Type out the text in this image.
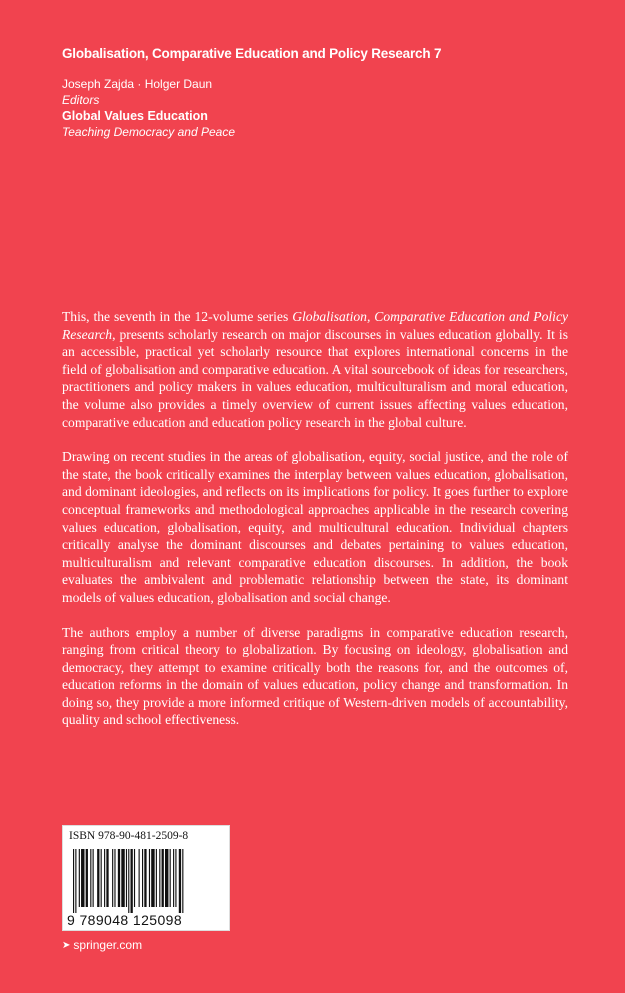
Globalisation, Comparative Education and Policy Research 7
Joseph Zajda · Holger Daun
Editors
Global Values Education
Teaching Democracy and Peace

This, the seventh in the 12-volume series Globalisation, Comparative Education and Policy Research, presents scholarly research on major discourses in values education globally. It is an accessible, practical yet scholarly resource that explores international concerns in the field of globalisation and comparative education. A vital sourcebook of ideas for researchers, practitioners and policy makers in values education, multiculturalism and moral education, the volume also provides a timely overview of current issues affecting values education, comparative education and education policy research in the global culture.

Drawing on recent studies in the areas of globalisation, equity, social justice, and the role of the state, the book critically examines the interplay between values education, globalisation, and dominant ideologies, and reflects on its implications for policy. It goes further to explore conceptual frameworks and methodological approaches applicable in the research covering values education, globalisation, equity, and multicultural education. Individual chapters critically analyse the dominant discourses and debates pertaining to values education, multiculturalism and relevant comparative education discourses. In addition, the book evaluates the ambivalent and problematic relationship between the state, its dominant models of values education, globalisation and social change.

The authors employ a number of diverse paradigms in comparative education research, ranging from critical theory to globalization. By focusing on ideology, globalisation and democracy, they attempt to examine critically both the reasons for, and the outcomes of, education reforms in the domain of values education, policy change and transformation. In doing so, they provide a more informed critique of Western-driven models of accountability, quality and school effectiveness.

ISBN 978-90-481-2509-8
9 789048 125098
➤ springer.com
